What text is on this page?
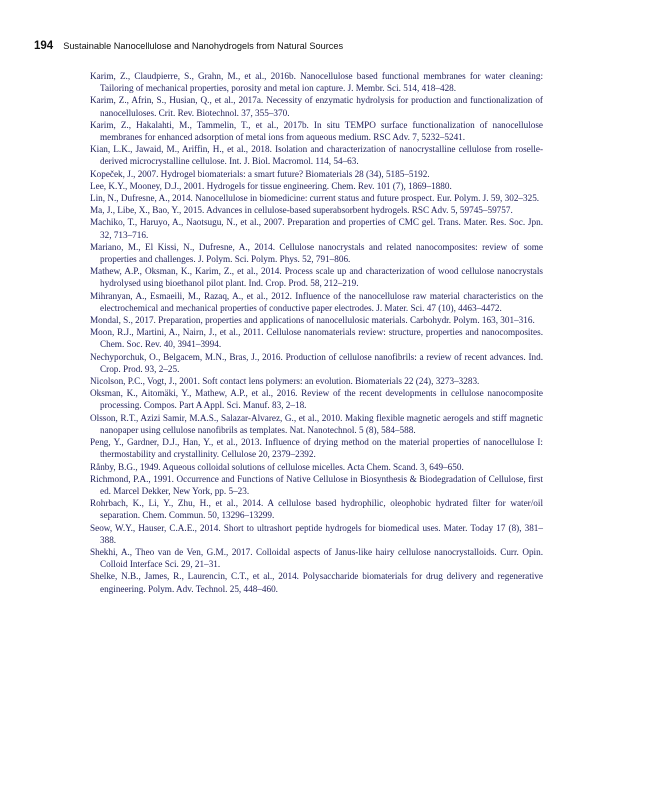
194 Sustainable Nanocellulose and Nanohydrogels from Natural Sources
Karim, Z., Claudpierre, S., Grahn, M., et al., 2016b. Nanocellulose based functional membranes for water cleaning: Tailoring of mechanical properties, porosity and metal ion capture. J. Membr. Sci. 514, 418–428.
Karim, Z., Afrin, S., Husian, Q., et al., 2017a. Necessity of enzymatic hydrolysis for production and functionalization of nanocelluloses. Crit. Rev. Biotechnol. 37, 355–370.
Karim, Z., Hakalahti, M., Tammelin, T., et al., 2017b. In situ TEMPO surface functionalization of nanocellulose membranes for enhanced adsorption of metal ions from aqueous medium. RSC Adv. 7, 5232–5241.
Kian, L.K., Jawaid, M., Ariffin, H., et al., 2018. Isolation and characterization of nanocrystalline cellulose from roselle-derived microcrystalline cellulose. Int. J. Biol. Macromol. 114, 54–63.
Kopeček, J., 2007. Hydrogel biomaterials: a smart future? Biomaterials 28 (34), 5185–5192.
Lee, K.Y., Mooney, D.J., 2001. Hydrogels for tissue engineering. Chem. Rev. 101 (7), 1869–1880.
Lin, N., Dufresne, A., 2014. Nanocellulose in biomedicine: current status and future prospect. Eur. Polym. J. 59, 302–325.
Ma, J., Libe, X., Bao, Y., 2015. Advances in cellulose-based superabsorbent hydrogels. RSC Adv. 5, 59745–59757.
Machiko, T., Haruyo, A., Naotsugu, N., et al., 2007. Preparation and properties of CMC gel. Trans. Mater. Res. Soc. Jpn. 32, 713–716.
Mariano, M., El Kissi, N., Dufresne, A., 2014. Cellulose nanocrystals and related nanocomposites: review of some properties and challenges. J. Polym. Sci. Polym. Phys. 52, 791–806.
Mathew, A.P., Oksman, K., Karim, Z., et al., 2014. Process scale up and characterization of wood cellulose nanocrystals hydrolysed using bioethanol pilot plant. Ind. Crop. Prod. 58, 212–219.
Mihranyan, A., Esmaeili, M., Razaq, A., et al., 2012. Influence of the nanocellulose raw material characteristics on the electrochemical and mechanical properties of conductive paper electrodes. J. Mater. Sci. 47 (10), 4463–4472.
Mondal, S., 2017. Preparation, properties and applications of nanocellulosic materials. Carbohydr. Polym. 163, 301–316.
Moon, R.J., Martini, A., Nairn, J., et al., 2011. Cellulose nanomaterials review: structure, properties and nanocomposites. Chem. Soc. Rev. 40, 3941–3994.
Nechyporchuk, O., Belgacem, M.N., Bras, J., 2016. Production of cellulose nanofibrils: a review of recent advances. Ind. Crop. Prod. 93, 2–25.
Nicolson, P.C., Vogt, J., 2001. Soft contact lens polymers: an evolution. Biomaterials 22 (24), 3273–3283.
Oksman, K., Aitomäki, Y., Mathew, A.P., et al., 2016. Review of the recent developments in cellulose nanocomposite processing. Compos. Part A Appl. Sci. Manuf. 83, 2–18.
Olsson, R.T., Azizi Samir, M.A.S., Salazar-Alvarez, G., et al., 2010. Making flexible magnetic aerogels and stiff magnetic nanopaper using cellulose nanofibrils as templates. Nat. Nanotechnol. 5 (8), 584–588.
Peng, Y., Gardner, D.J., Han, Y., et al., 2013. Influence of drying method on the material properties of nanocellulose I: thermostability and crystallinity. Cellulose 20, 2379–2392.
Rånby, B.G., 1949. Aqueous colloidal solutions of cellulose micelles. Acta Chem. Scand. 3, 649–650.
Richmond, P.A., 1991. Occurrence and Functions of Native Cellulose in Biosynthesis & Biodegradation of Cellulose, first ed. Marcel Dekker, New York, pp. 5–23.
Rohrbach, K., Li, Y., Zhu, H., et al., 2014. A cellulose based hydrophilic, oleophobic hydrated filter for water/oil separation. Chem. Commun. 50, 13296–13299.
Seow, W.Y., Hauser, C.A.E., 2014. Short to ultrashort peptide hydrogels for biomedical uses. Mater. Today 17 (8), 381–388.
Shekhi, A., Theo van de Ven, G.M., 2017. Colloidal aspects of Janus-like hairy cellulose nanocrystalloids. Curr. Opin. Colloid Interface Sci. 29, 21–31.
Shelke, N.B., James, R., Laurencin, C.T., et al., 2014. Polysaccharide biomaterials for drug delivery and regenerative engineering. Polym. Adv. Technol. 25, 448–460.
